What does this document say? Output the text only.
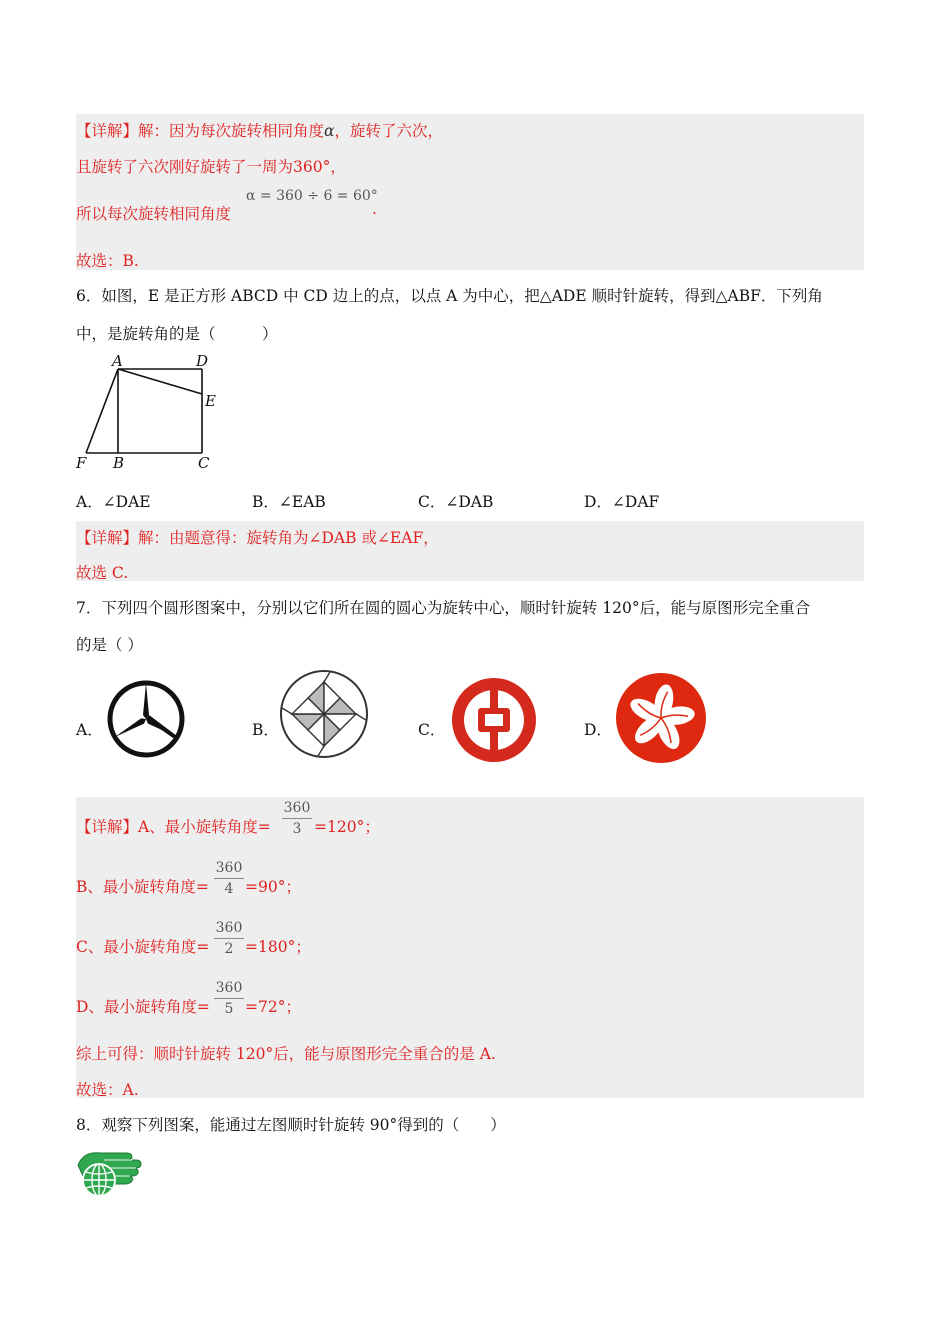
【详解】解：因为每次旋转相同角度α，旋转了六次，
且旋转了六次刚好旋转了一周为360°，
所以每次旋转相同角度
α = 360 ÷ 6 = 60°
.
故选：B.
6．如图，E 是正方形 ABCD 中 CD 边上的点，以点 A 为中心，把△ADE 顺时针旋转，得到△ABF．下列角
中，是旋转角的是（　　　）
A	D
E
F B	C
A．∠DAE	B．∠EAB	C．∠DAB	D．∠DAF
【详解】解：由题意得：旋转角为∠DAB 或∠EAF，
故选 C.
7．下列四个圆形图案中，分别以它们所在圆的圆心为旋转中心，顺时针旋转 120°后，能与原图形完全重合
的是（ ）
A．	B．	C．	D．
【详解】A、最小旋转角度=
360
3 =120°；
B、最小旋转角度=
360
4 =90°；
C、最小旋转角度=
360
2 =180°；
D、最小旋转角度=
360
5 =72°；
综上可得：顺时针旋转 120°后，能与原图形完全重合的是 A.
故选：A.
8．观察下列图案，能通过左图顺时针旋转 90°得到的（　　）
